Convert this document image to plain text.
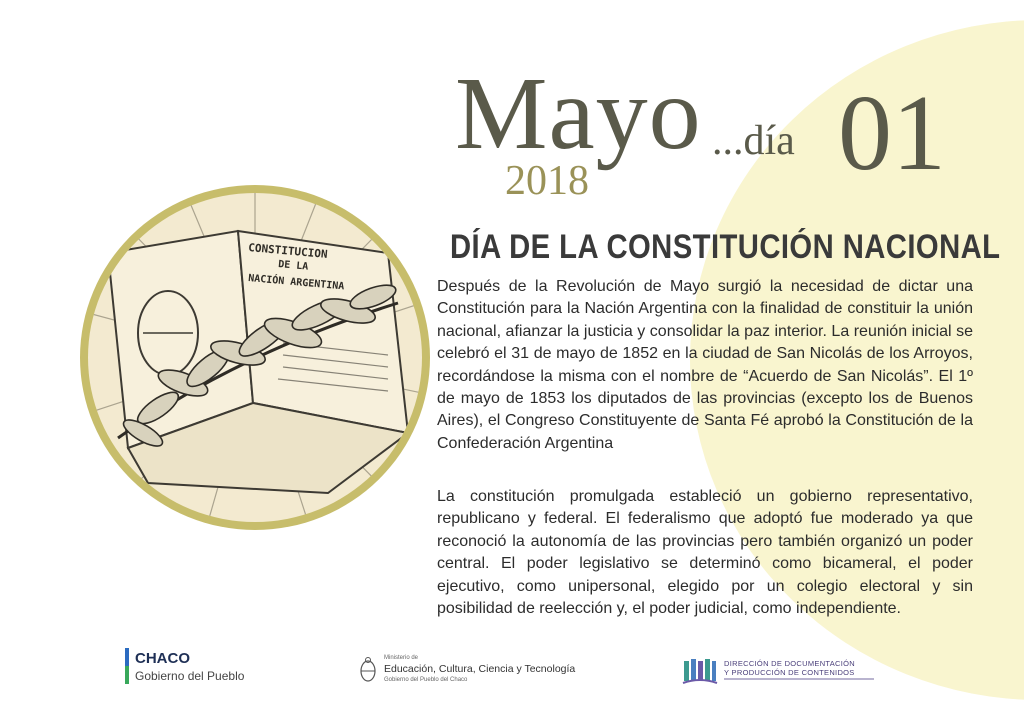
Mayo
2018
...día 01
CONSTITUCION
DE LA
NACIÓN ARGENTINA
DÍA DE LA CONSTITUCIÓN NACIONAL

Después de la Revolución de Mayo surgió la necesidad de dictar una Constitución para la Nación Argentina con la finalidad de constituir la unión nacional, afianzar la justicia y consolidar la paz interior. La reunión inicial se celebró el 31 de mayo de 1852 en la ciudad de San Nicolás de los Arroyos, recordándose la misma con el nombre de “Acuerdo de San Nicolás”. El 1º de mayo de 1853 los diputados de las provincias (excepto los de Buenos Aires), el Congreso Constituyente de Santa Fé aprobó la Constitución de la Confederación Argentina

La constitución promulgada estableció un gobierno representativo, republicano y federal. El federalismo que adoptó fue moderado ya que reconoció la autonomía de las provincias pero también organizó un poder central. El poder legislativo se determinó como bicameral, el poder ejecutivo, como unipersonal, elegido por un colegio electoral y sin posibilidad de reelección y, el poder judicial, como independiente.

CHACO
Gobierno del Pueblo
Ministerio de
Educación, Cultura, Ciencia y Tecnología
Gobierno del Pueblo del Chaco
DIRECCIÓN DE DOCUMENTACIÓN
Y PRODUCCIÓN DE CONTENIDOS
